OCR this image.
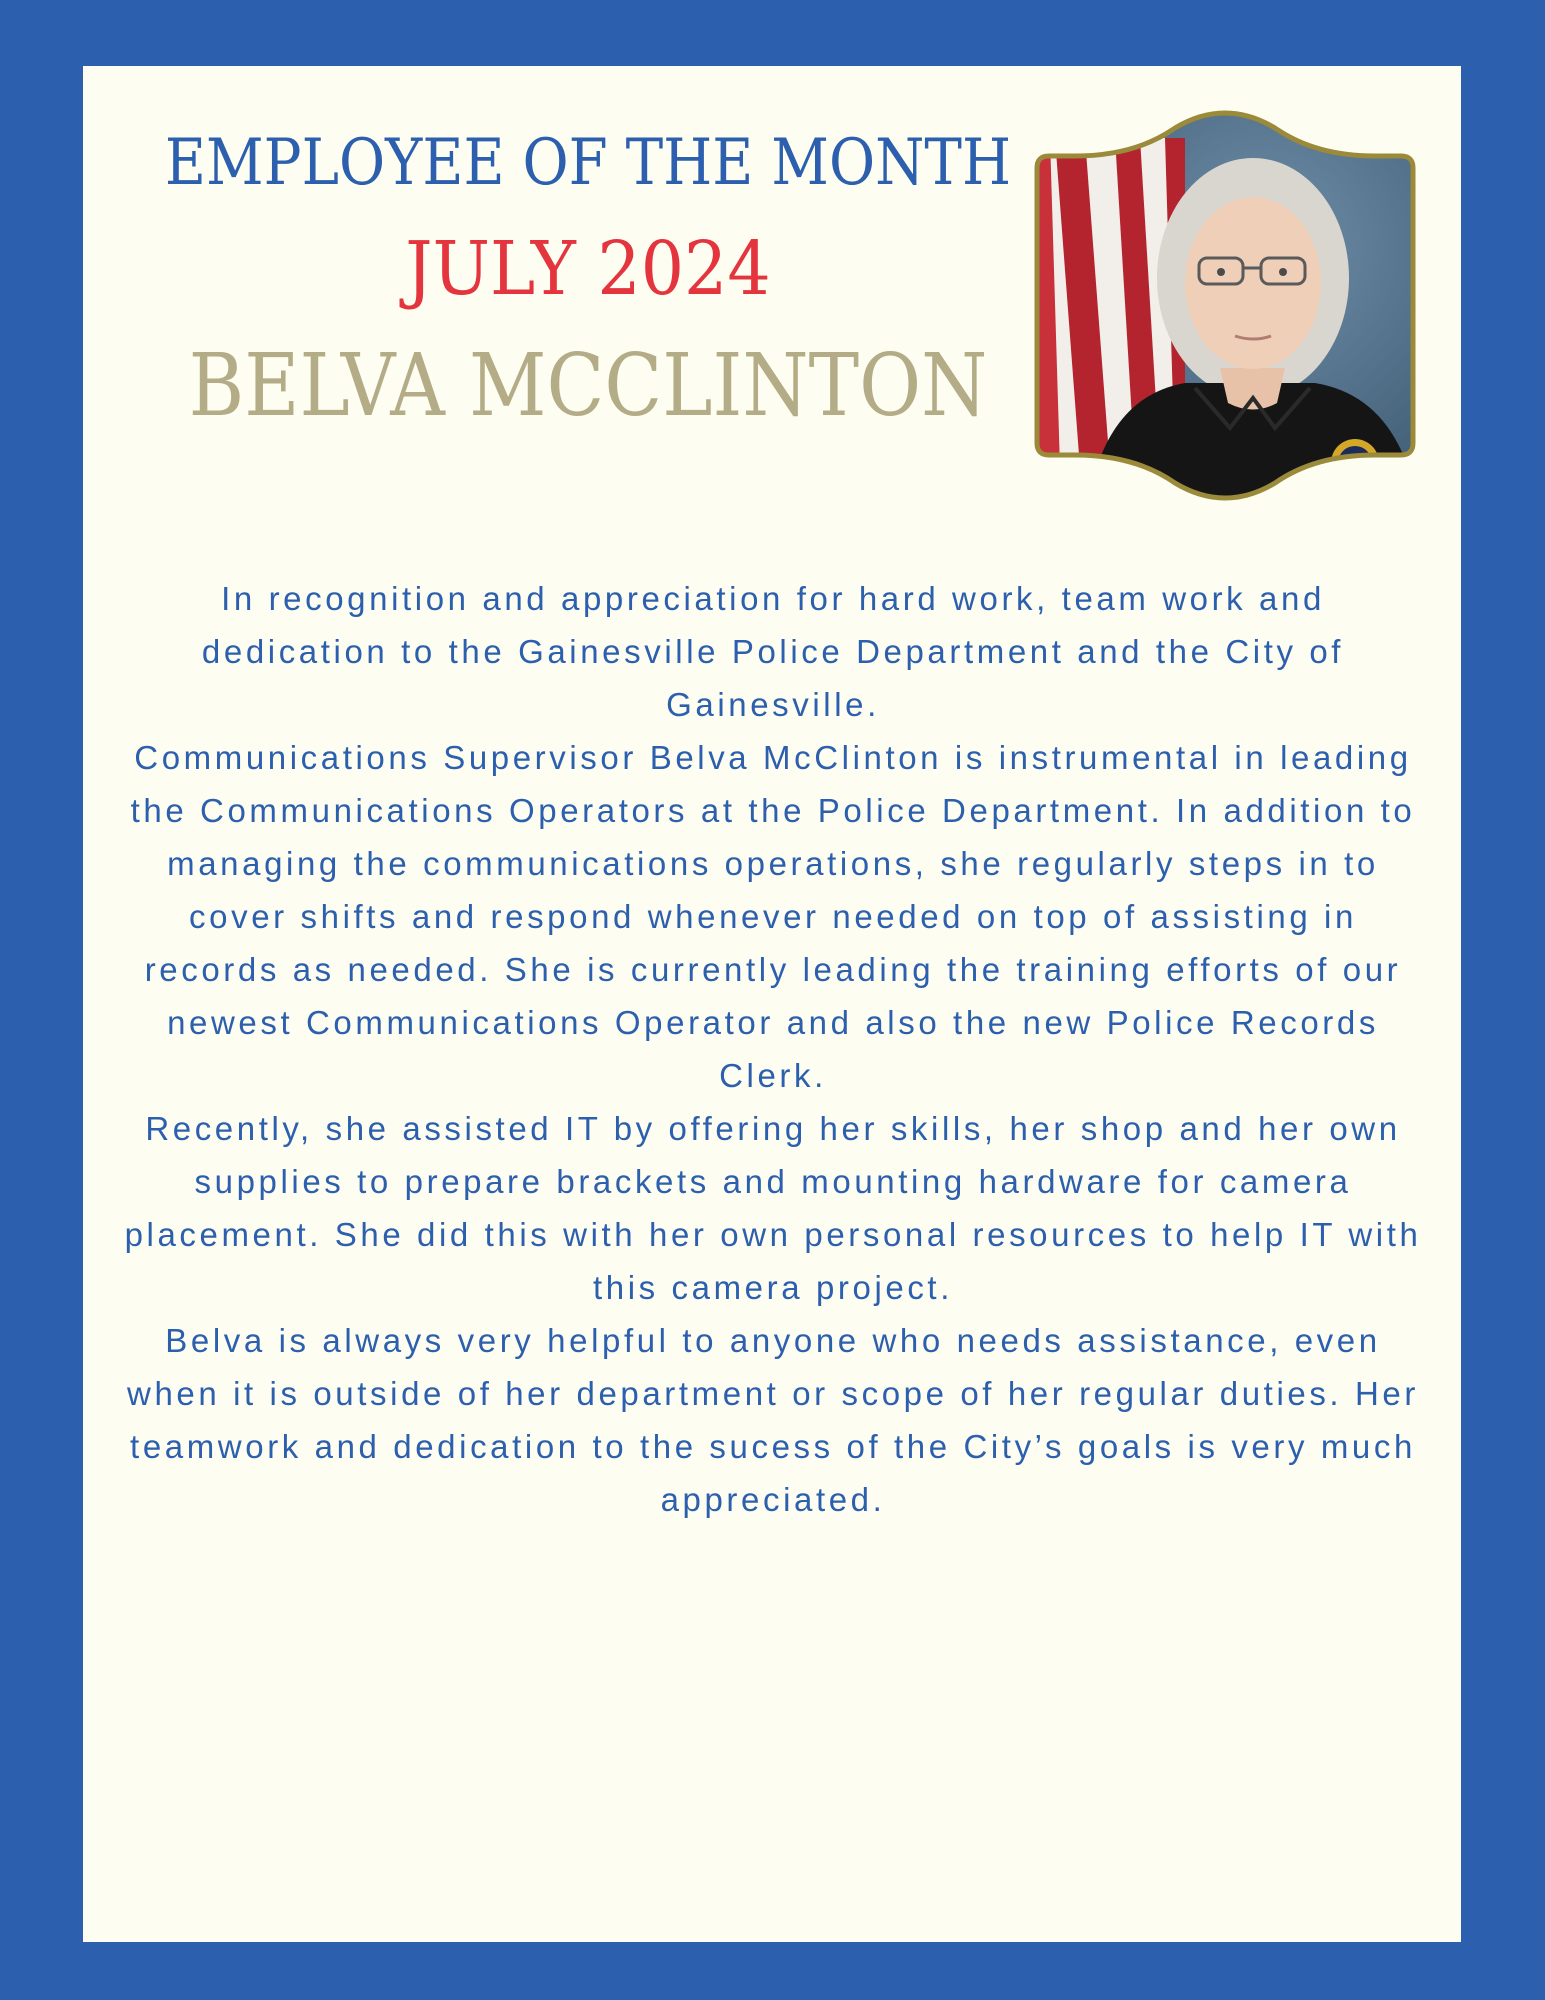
EMPLOYEE OF THE MONTH
JULY 2024
BELVA MCCLINTON

In recognition and appreciation for hard work, team work and dedication to the Gainesville Police Department and the City of Gainesville.

Communications Supervisor Belva McClinton is instrumental in leading the Communications Operators at the Police Department. In addition to managing the communications operations, she regularly steps in to cover shifts and respond whenever needed on top of assisting in records as needed. She is currently leading the training efforts of our newest Communications Operator and also the new Police Records Clerk.

Recently, she assisted IT by offering her skills, her shop and her own supplies to prepare brackets and mounting hardware for camera placement. She did this with her own personal resources to help IT with this camera project.

Belva is always very helpful to anyone who needs assistance, even when it is outside of her department or scope of her regular duties. Her teamwork and dedication to the sucess of the City’s goals is very much appreciated.
